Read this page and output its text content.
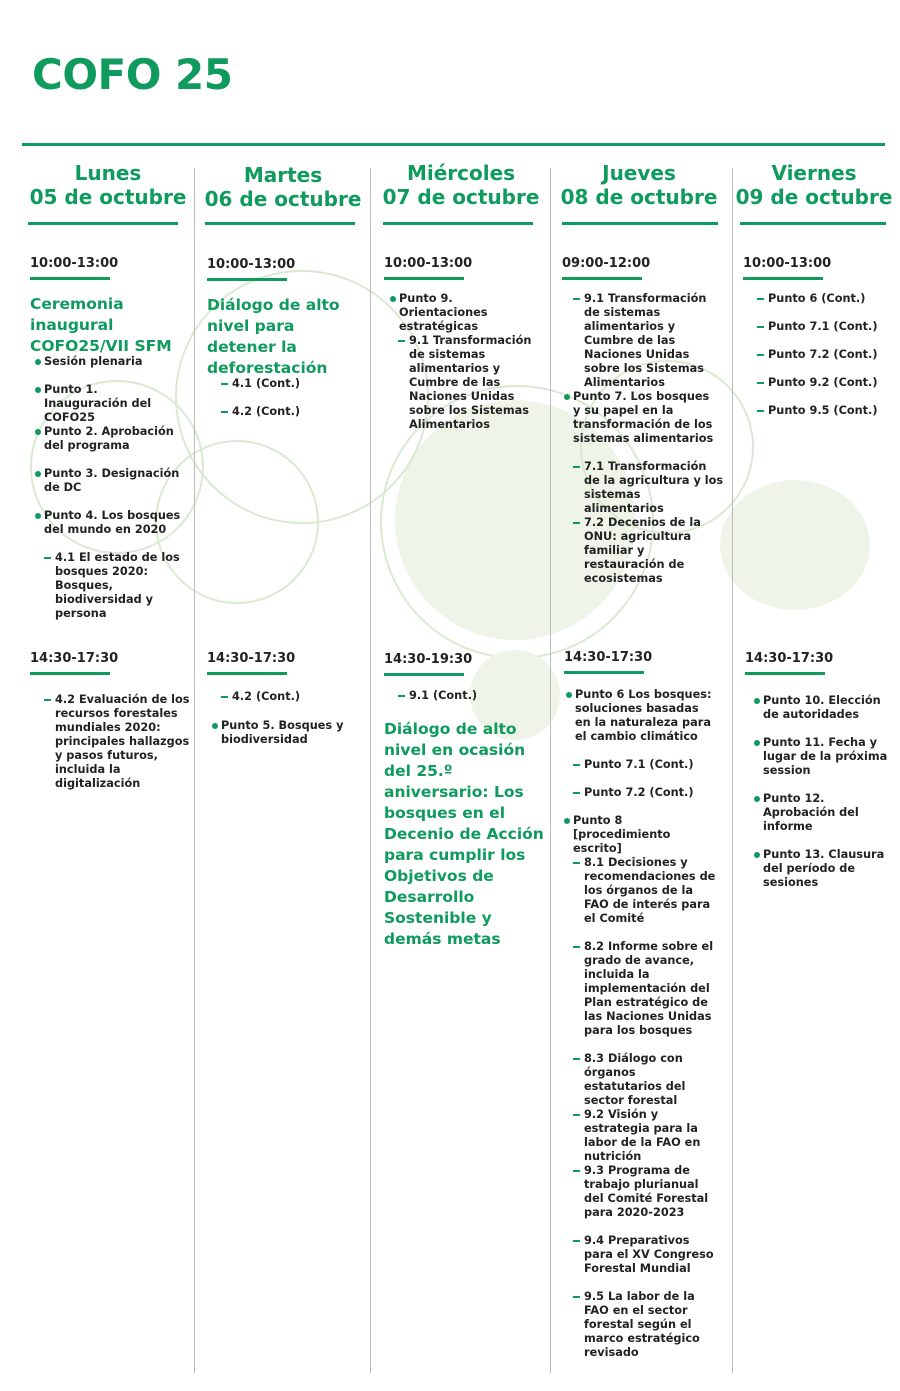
COFO 25
Lunes
05 de octubre
Martes
06 de octubre
Miércoles
07 de octubre
Jueves
08 de octubre
Viernes
09 de octubre
10:00-13:00
Ceremonia inaugural COFO25/VII SFM
Sesión plenaria
Punto 1. Inauguración del COFO25
Punto 2. Aprobación del programa
Punto 3. Designación de DC
Punto 4. Los bosques del mundo en 2020
4.1 El estado de los bosques 2020: Bosques, biodiversidad y persona
14:30-17:30
4.2 Evaluación de los recursos forestales mundiales 2020: principales hallazgos y pasos futuros, incluida la digitalización
10:00-13:00
Diálogo de alto nivel para detener la deforestación
4.1 (Cont.)
4.2 (Cont.)
14:30-17:30
4.2 (Cont.)
Punto 5. Bosques y biodiversidad
10:00-13:00
Punto 9. Orientaciones estratégicas
9.1 Transformación de sistemas alimentarios y Cumbre de las Naciones Unidas sobre los Sistemas Alimentarios
14:30-19:30
9.1 (Cont.)
Diálogo de alto nivel en ocasión del 25.º aniversario: Los bosques en el Decenio de Acción para cumplir los Objetivos de Desarrollo Sostenible y demás metas
09:00-12:00
9.1 Transformación de sistemas alimentarios y Cumbre de las Naciones Unidas sobre los Sistemas Alimentarios
Punto 7. Los bosques y su papel en la transformación de los sistemas alimentarios
7.1 Transformación de la agricultura y los sistemas alimentarios
7.2 Decenios de la ONU: agricultura familiar y restauración de ecosistemas
14:30-17:30
Punto 6 Los bosques: soluciones basadas en la naturaleza para el cambio climático
Punto 7.1 (Cont.)
Punto 7.2 (Cont.)
Punto 8 [procedimiento escrito]
8.1 Decisiones y recomendaciones de los órganos de la FAO de interés para el Comité
8.2 Informe sobre el grado de avance, incluida la implementación del Plan estratégico de las Naciones Unidas para los bosques
8.3 Diálogo con órganos estatutarios del sector forestal
9.2 Visión y estrategia para la labor de la FAO en nutrición
9.3 Programa de trabajo plurianual del Comité Forestal para 2020-2023
9.4 Preparativos para el XV Congreso Forestal Mundial
9.5 La labor de la FAO en el sector forestal según el marco estratégico revisado
10:00-13:00
Punto 6 (Cont.)
Punto 7.1 (Cont.)
Punto 7.2 (Cont.)
Punto 9.2 (Cont.)
Punto 9.5 (Cont.)
14:30-17:30
Punto 10. Elección de autoridades
Punto 11. Fecha y lugar de la próxima session
Punto 12. Aprobación del informe
Punto 13. Clausura del período de sesiones
